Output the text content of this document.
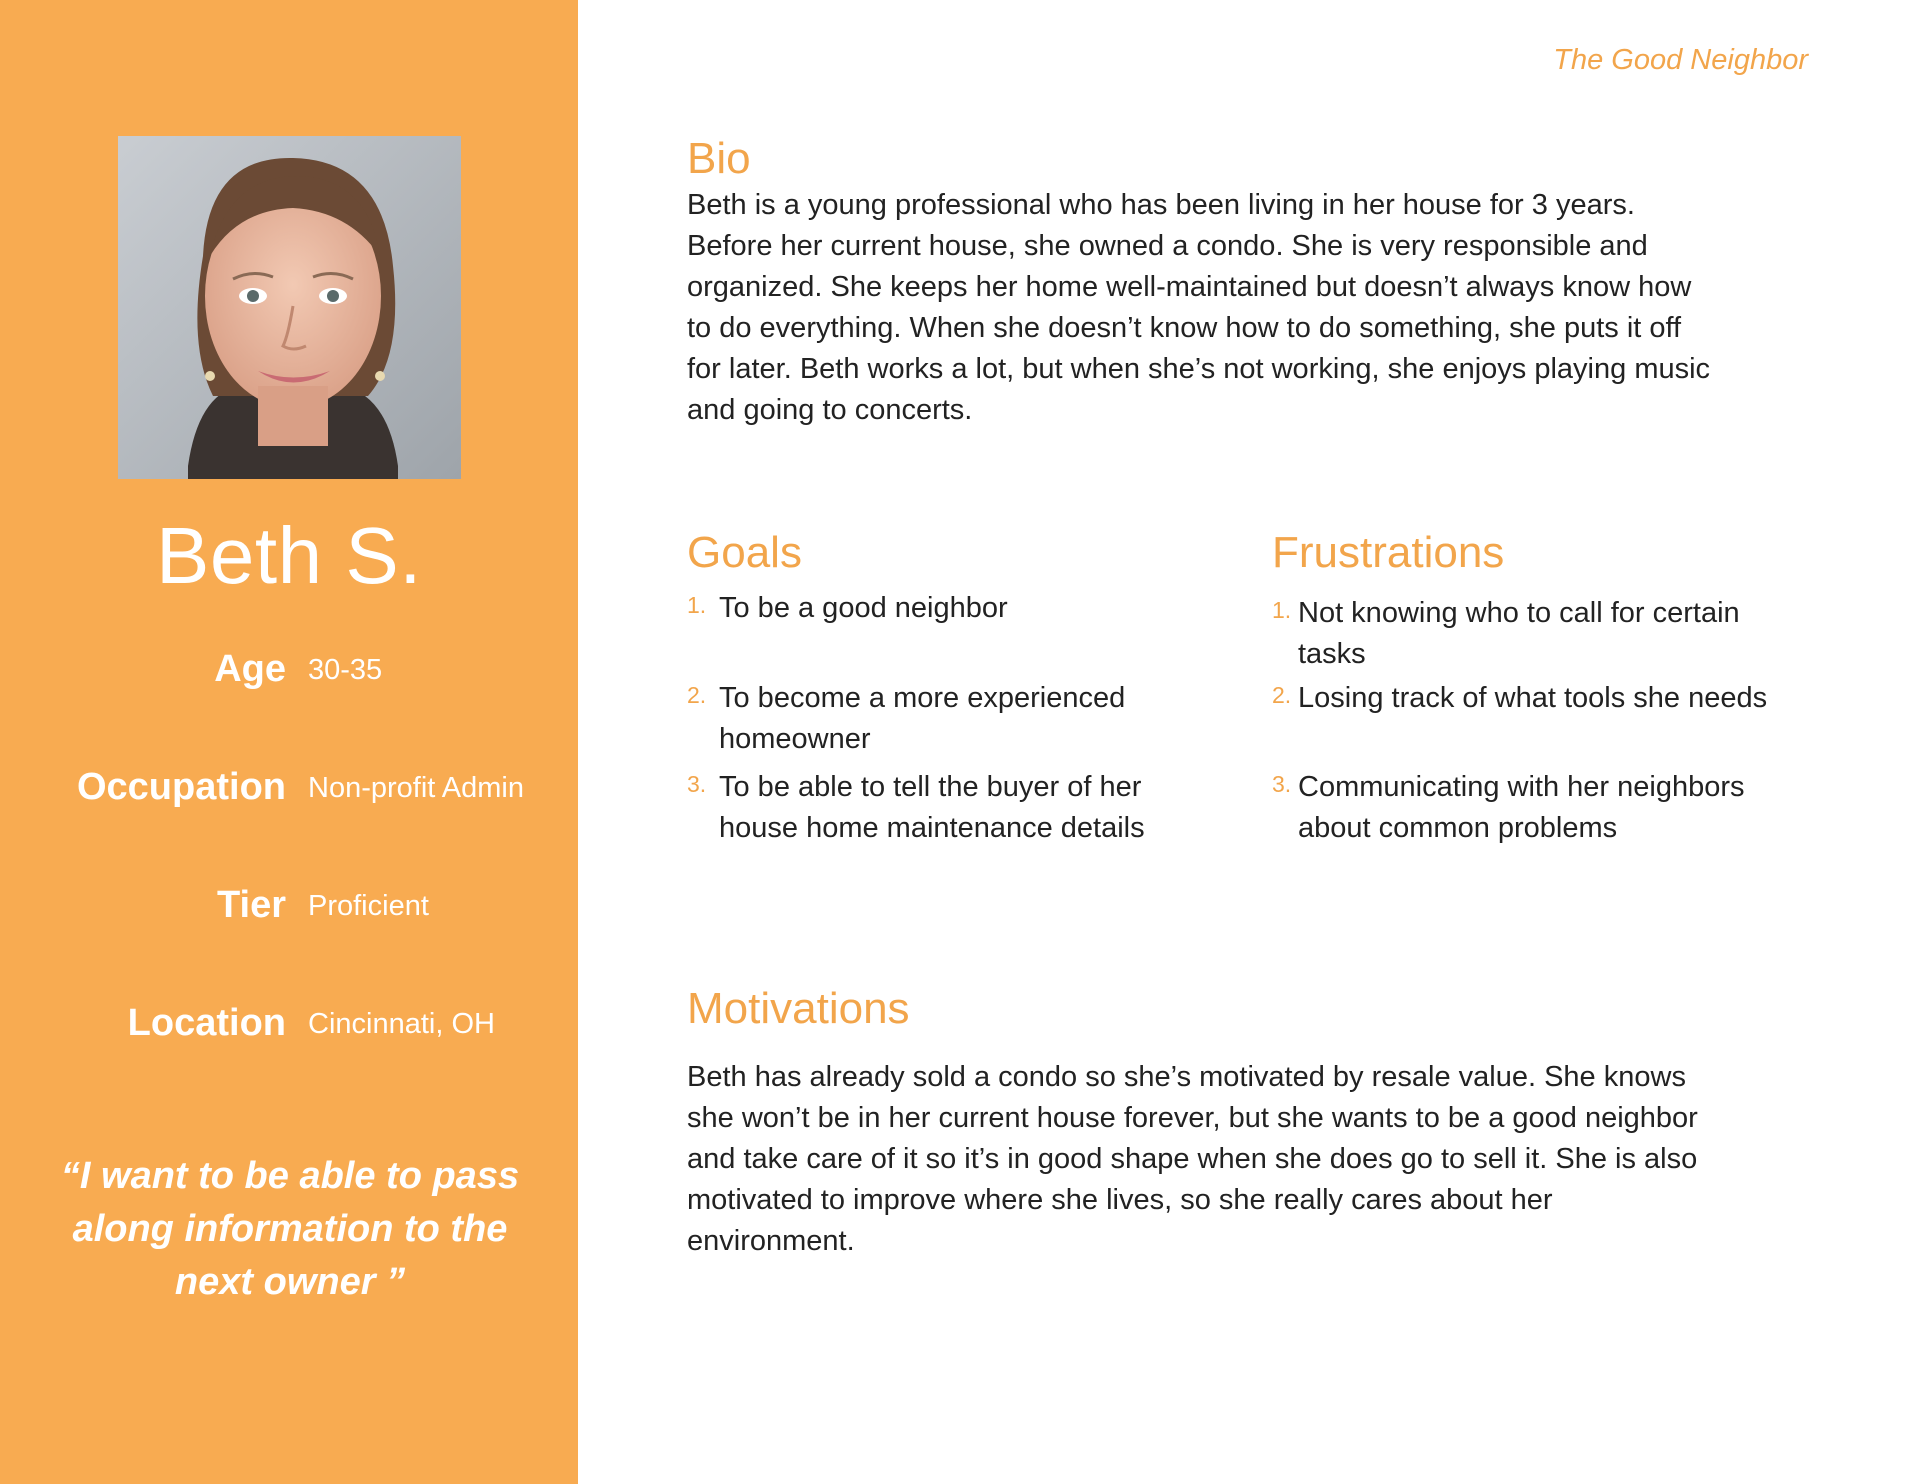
Beth S.
Age 30-35
Occupation Non-profit Admin
Tier Proficient
Location Cincinnati, OH
“I want to be able to pass along information to the next owner ”
The Good Neighbor
Bio
Beth is a young professional who has been living in her house for 3 years. Before her current house, she owned a condo. She is very responsible and organized. She keeps her home well-maintained but doesn’t always know how to do everything. When she doesn’t know how to do something, she puts it off for later. Beth works a lot, but when she’s not working, she enjoys playing music and going to concerts.
Goals
1. To be a good neighbor
2. To become a more experienced homeowner
3. To be able to tell the buyer of her house home maintenance details
Frustrations
1. Not knowing who to call for certain tasks
2. Losing track of what tools she needs
3. Communicating with her neighbors about common problems
Motivations
Beth has already sold a condo so she’s motivated by resale value. She knows she won’t be in her current house forever, but she wants to be a good neighbor and take care of it so it’s in good shape when she does go to sell it. She is also motivated to improve where she lives, so she really cares about her environment.
